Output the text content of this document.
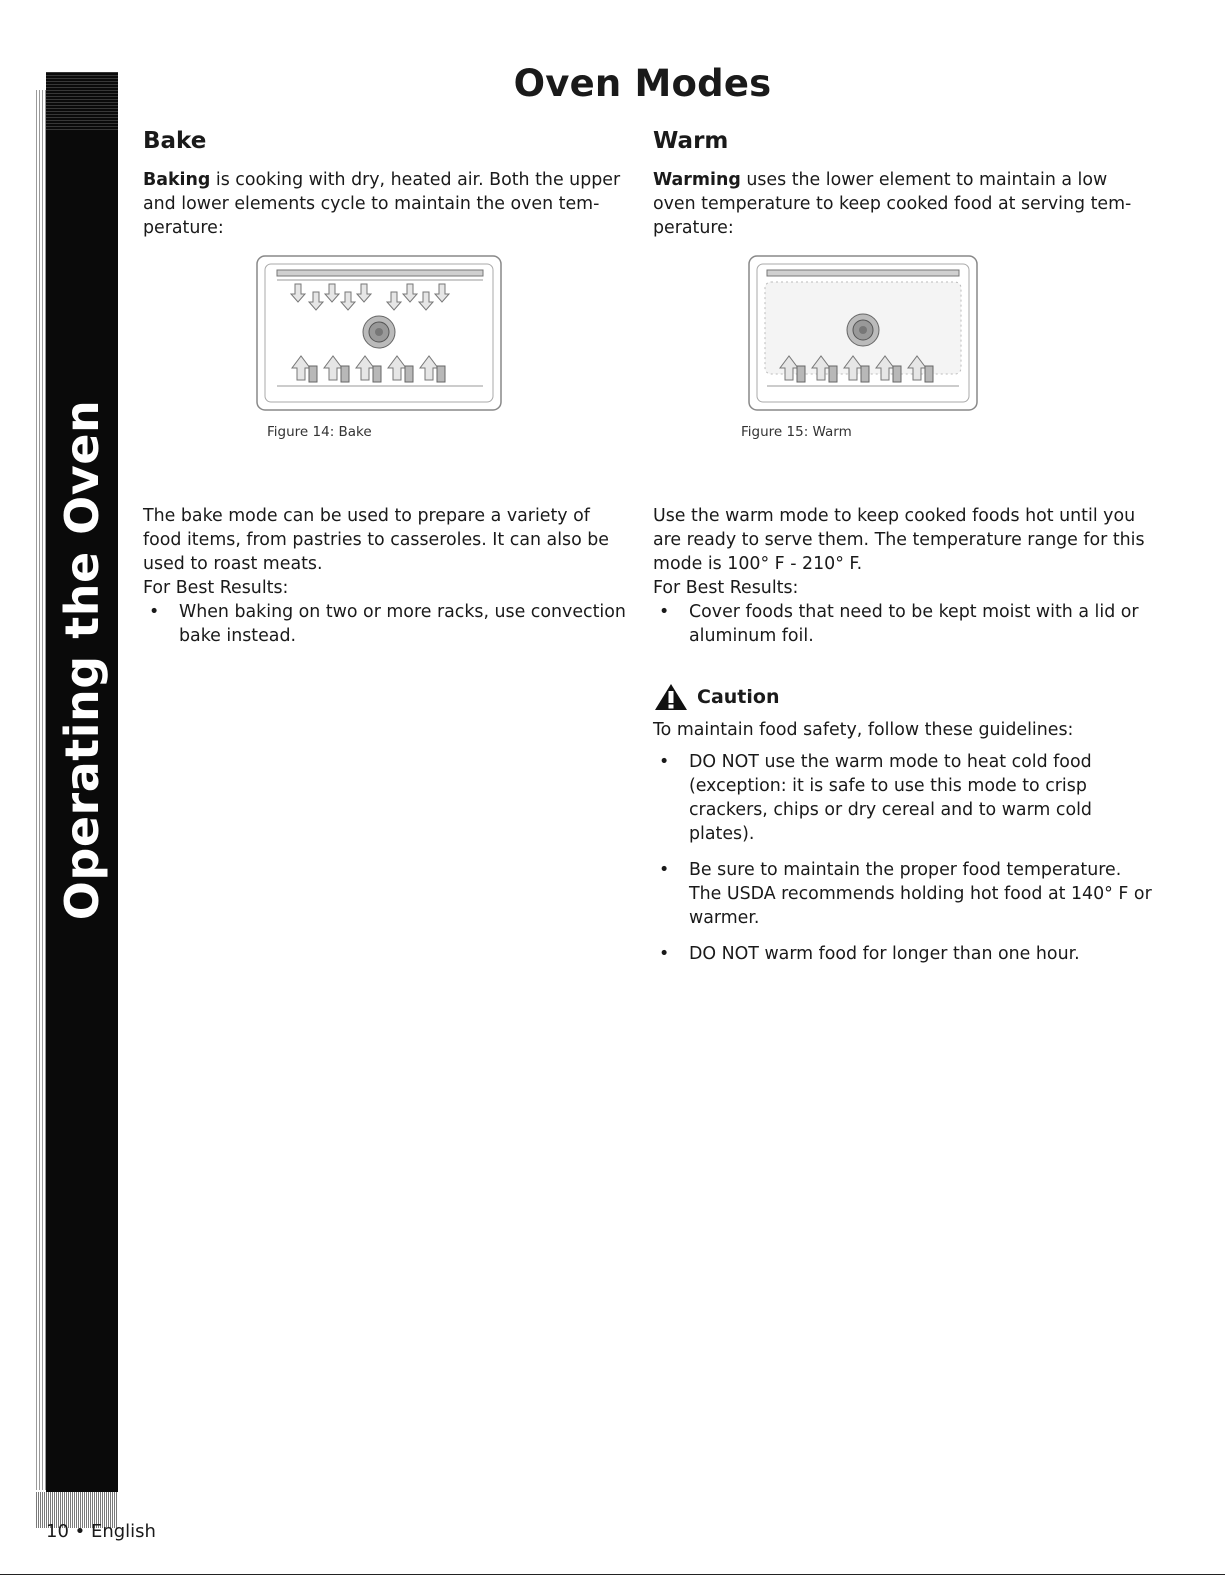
Operating the Oven
Oven Modes
Bake

Baking is cooking with dry, heated air. Both the upper and lower elements cycle to maintain the oven tem-perature:

Figure 14: Bake

The bake mode can be used to prepare a variety of food items, from pastries to casseroles. It can also be used to roast meats.

For Best Results:

• When baking on two or more racks, use convection bake instead.
Warm

Warming uses the lower element to maintain a low oven temperature to keep cooked food at serving tem-perature:

Figure 15: Warm

Use the warm mode to keep cooked foods hot until you are ready to serve them. The temperature range for this mode is 100° F - 210° F.

For Best Results:

• Cover foods that need to be kept moist with a lid or aluminum foil.
Caution

To maintain food safety, follow these guidelines:

• DO NOT use the warm mode to heat cold food (exception: it is safe to use this mode to crisp crackers, chips or dry cereal and to warm cold plates).
• Be sure to maintain the proper food temperature. The USDA recommends holding hot food at 140° F or warmer.
• DO NOT warm food for longer than one hour.
10 • English
